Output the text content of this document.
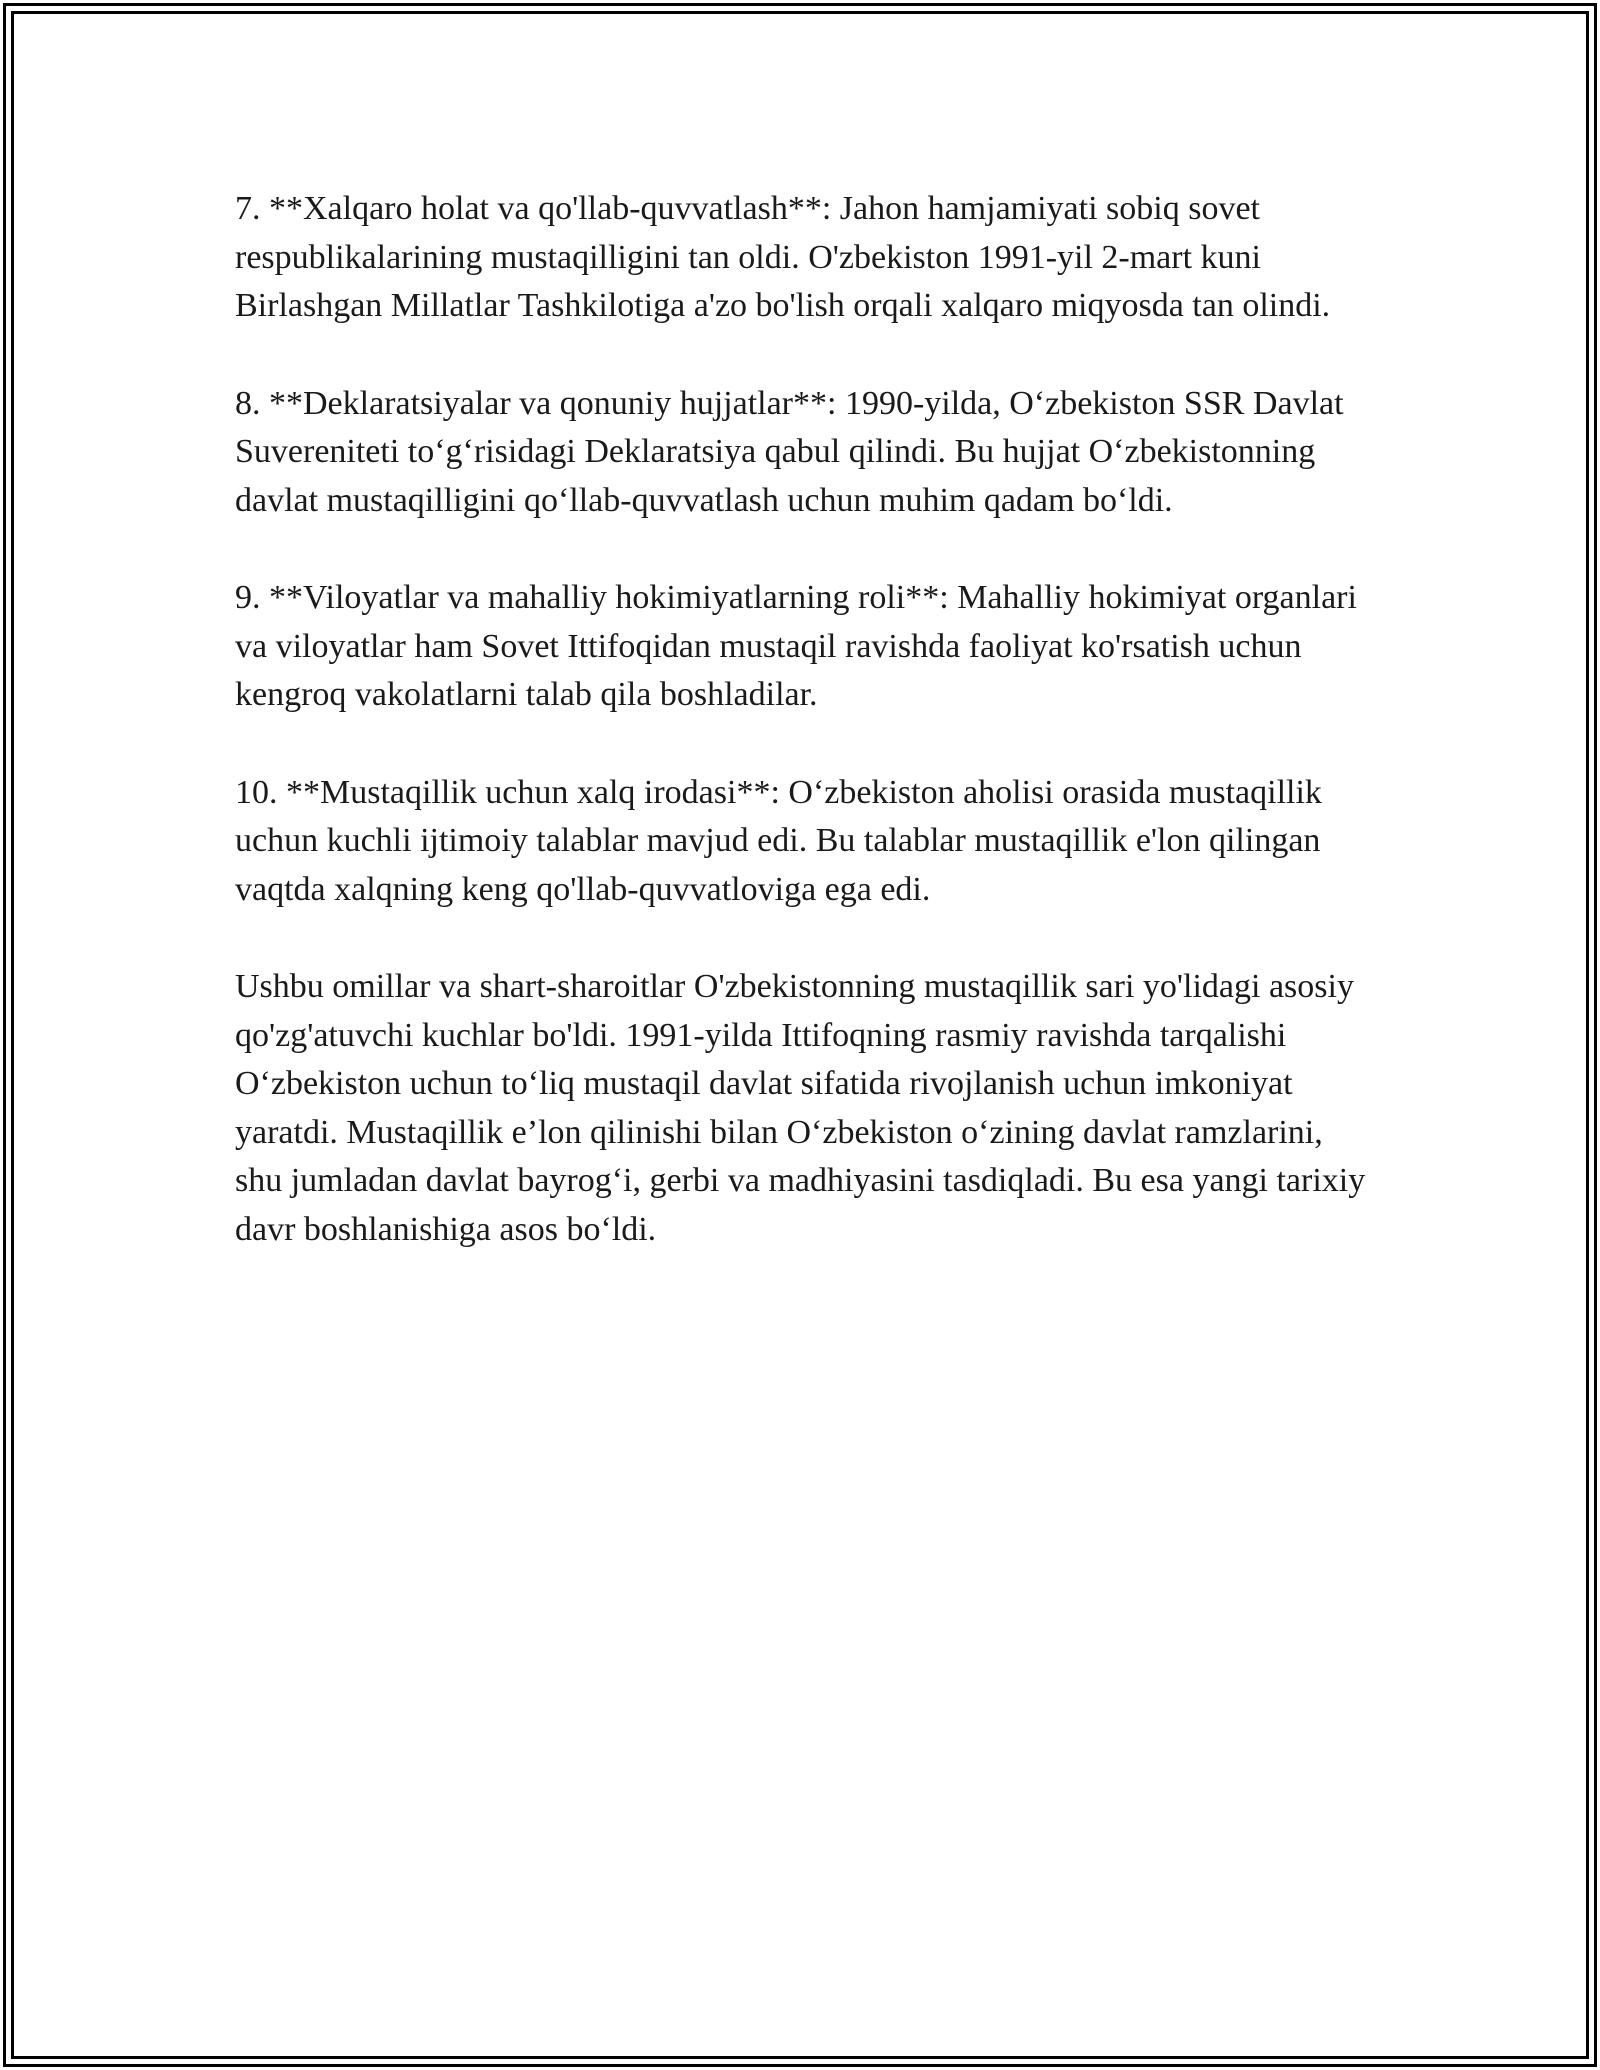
7. **Xalqaro holat va qo'llab-quvvatlash**: Jahon hamjamiyati sobiq sovet respublikalarining mustaqilligini tan oldi. O'zbekiston 1991-yil 2-mart kuni Birlashgan Millatlar Tashkilotiga a'zo bo'lish orqali xalqaro miqyosda tan olindi.

8. **Deklaratsiyalar va qonuniy hujjatlar**: 1990-yilda, O‘zbekiston SSR Davlat Suvereniteti to‘g‘risidagi Deklaratsiya qabul qilindi. Bu hujjat O‘zbekistonning davlat mustaqilligini qo‘llab-quvvatlash uchun muhim qadam bo‘ldi.

9. **Viloyatlar va mahalliy hokimiyatlarning roli**: Mahalliy hokimiyat organlari va viloyatlar ham Sovet Ittifoqidan mustaqil ravishda faoliyat ko'rsatish uchun kengroq vakolatlarni talab qila boshladilar.

10. **Mustaqillik uchun xalq irodasi**: O‘zbekiston aholisi orasida mustaqillik uchun kuchli ijtimoiy talablar mavjud edi. Bu talablar mustaqillik e'lon qilingan vaqtda xalqning keng qo'llab-quvvatloviga ega edi.

Ushbu omillar va shart-sharoitlar O'zbekistonning mustaqillik sari yo'lidagi asosiy qo'zg'atuvchi kuchlar bo'ldi. 1991-yilda Ittifoqning rasmiy ravishda tarqalishi O‘zbekiston uchun to‘liq mustaqil davlat sifatida rivojlanish uchun imkoniyat yaratdi. Mustaqillik e’lon qilinishi bilan O‘zbekiston o‘zining davlat ramzlarini, shu jumladan davlat bayrog‘i, gerbi va madhiyasini tasdiqladi. Bu esa yangi tarixiy davr boshlanishiga asos bo‘ldi.
